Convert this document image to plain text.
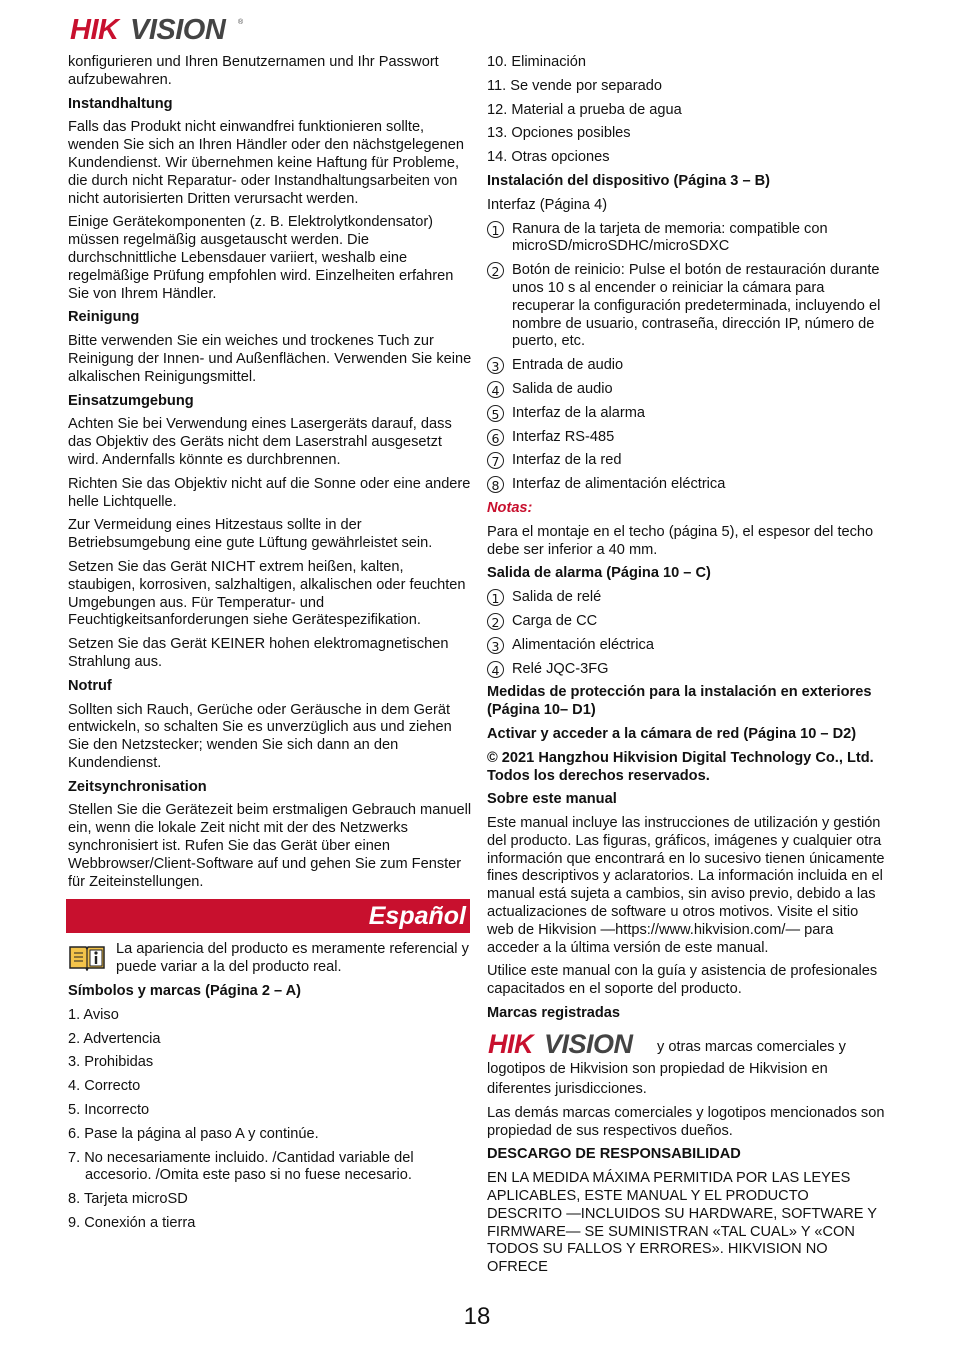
HIK VISION ®

konfigurieren und Ihren Benutzernamen und Ihr Passwort aufzubewahren.

Instandhaltung

Falls das Produkt nicht einwandfrei funktionieren sollte, wenden Sie sich an Ihren Händler oder den nächstgelegenen Kundendienst. Wir übernehmen keine Haftung für Probleme, die durch nicht Reparatur- oder Instandhaltungsarbeiten von nicht autorisierten Dritten verursacht werden.

Einige Gerätekomponenten (z. B. Elektrolytkondensator) müssen regelmäßig ausgetauscht werden. Die durchschnittliche Lebensdauer variiert, weshalb eine regelmäßige Prüfung empfohlen wird. Einzelheiten erfahren Sie von Ihrem Händler.

Reinigung

Bitte verwenden Sie ein weiches und trockenes Tuch zur Reinigung der Innen- und Außenflächen. Verwenden Sie keine alkalischen Reinigungsmittel.

Einsatzumgebung

Achten Sie bei Verwendung eines Lasergeräts darauf, dass das Objektiv des Geräts nicht dem Laserstrahl ausgesetzt wird. Andernfalls könnte es durchbrennen.

Richten Sie das Objektiv nicht auf die Sonne oder eine andere helle Lichtquelle.

Zur Vermeidung eines Hitzestaus sollte in der Betriebsumgebung eine gute Lüftung gewährleistet sein.

Setzen Sie das Gerät NICHT extrem heißen, kalten, staubigen, korrosiven, salzhaltigen, alkalischen oder feuchten Umgebungen aus. Für Temperatur- und Feuchtigkeitsanforderungen siehe Gerätespezifikation.

Setzen Sie das Gerät KEINER hohen elektromagnetischen Strahlung aus.

Notruf

Sollten sich Rauch, Gerüche oder Geräusche in dem Gerät entwickeln, so schalten Sie es unverzüglich aus und ziehen Sie den Netzstecker; wenden Sie sich dann an den Kundendienst.

Zeitsynchronisation

Stellen Sie die Gerätezeit beim erstmaligen Gebrauch manuell ein, wenn die lokale Zeit nicht mit der des Netzwerks synchronisiert ist. Rufen Sie das Gerät über einen Webbrowser/Client-Software auf und gehen Sie zum Fenster für Zeiteinstellungen.

Español
La apariencia del producto es meramente referencial y puede variar a la del producto real.
Símbolos y marcas (Página 2 – A)
1. Aviso
2. Advertencia
3. Prohibidas
4. Correcto
5. Incorrecto
6. Pase la página al paso A y continúe.
7. No necesariamente incluido. /Cantidad variable del accesorio. /Omita este paso si no fuese necesario.
8. Tarjeta microSD
9. Conexión a tierra
10. Eliminación
11. Se vende por separado
12. Material a prueba de agua
13. Opciones posibles
14. Otras opciones
Instalación del dispositivo (Página 3 – B)

Interfaz (Página 4)

1 Ranura de la tarjeta de memoria: compatible con microSD/microSDHC/microSDXC
2 Botón de reinicio: Pulse el botón de restauración durante unos 10 s al encender o reiniciar la cámara para recuperar la configuración predeterminada, incluyendo el nombre de usuario, contraseña, dirección IP, número de puerto, etc.
3 Entrada de audio
4 Salida de audio
5 Interfaz de la alarma
6 Interfaz RS-485
7 Interfaz de la red
8 Interfaz de alimentación eléctrica
Notas:

Para el montaje en el techo (página 5), el espesor del techo debe ser inferior a 40 mm.

Salida de alarma (Página 10 – C)
1 Salida de relé
2 Carga de CC
3 Alimentación eléctrica
4 Relé JQC-3FG
Medidas de protección para la instalación en exteriores (Página 10– D1)
Activar y acceder a la cámara de red (Página 10 – D2)
© 2021 Hangzhou Hikvision Digital Technology Co., Ltd. Todos los derechos reservados.
Sobre este manual

Este manual incluye las instrucciones de utilización y gestión del producto. Las figuras, gráficos, imágenes y cualquier otra información que encontrará en lo sucesivo tienen únicamente fines descriptivos y aclaratorios. La información incluida en el manual está sujeta a cambios, sin aviso previo, debido a las actualizaciones de software u otros motivos. Visite el sitio web de Hikvision —https://www.hikvision.com/— para acceder a la última versión de este manual.

Utilice este manual con la guía y asistencia de profesionales capacitados en el soporte del producto.

Marcas registradas
HIK VISION y otras marcas comerciales y

logotipos de Hikvision son propiedad de Hikvision en diferentes jurisdicciones.

Las demás marcas comerciales y logotipos mencionados son propiedad de sus respectivos dueños.

DESCARGO DE RESPONSABILIDAD

EN LA MEDIDA MÁXIMA PERMITIDA POR LAS LEYES APLICABLES, ESTE MANUAL Y EL PRODUCTO DESCRITO —INCLUIDOS SU HARDWARE, SOFTWARE Y FIRMWARE— SE SUMINISTRAN «TAL CUAL» Y «CON TODOS SU FALLOS Y ERRORES». HIKVISION NO OFRECE

18
